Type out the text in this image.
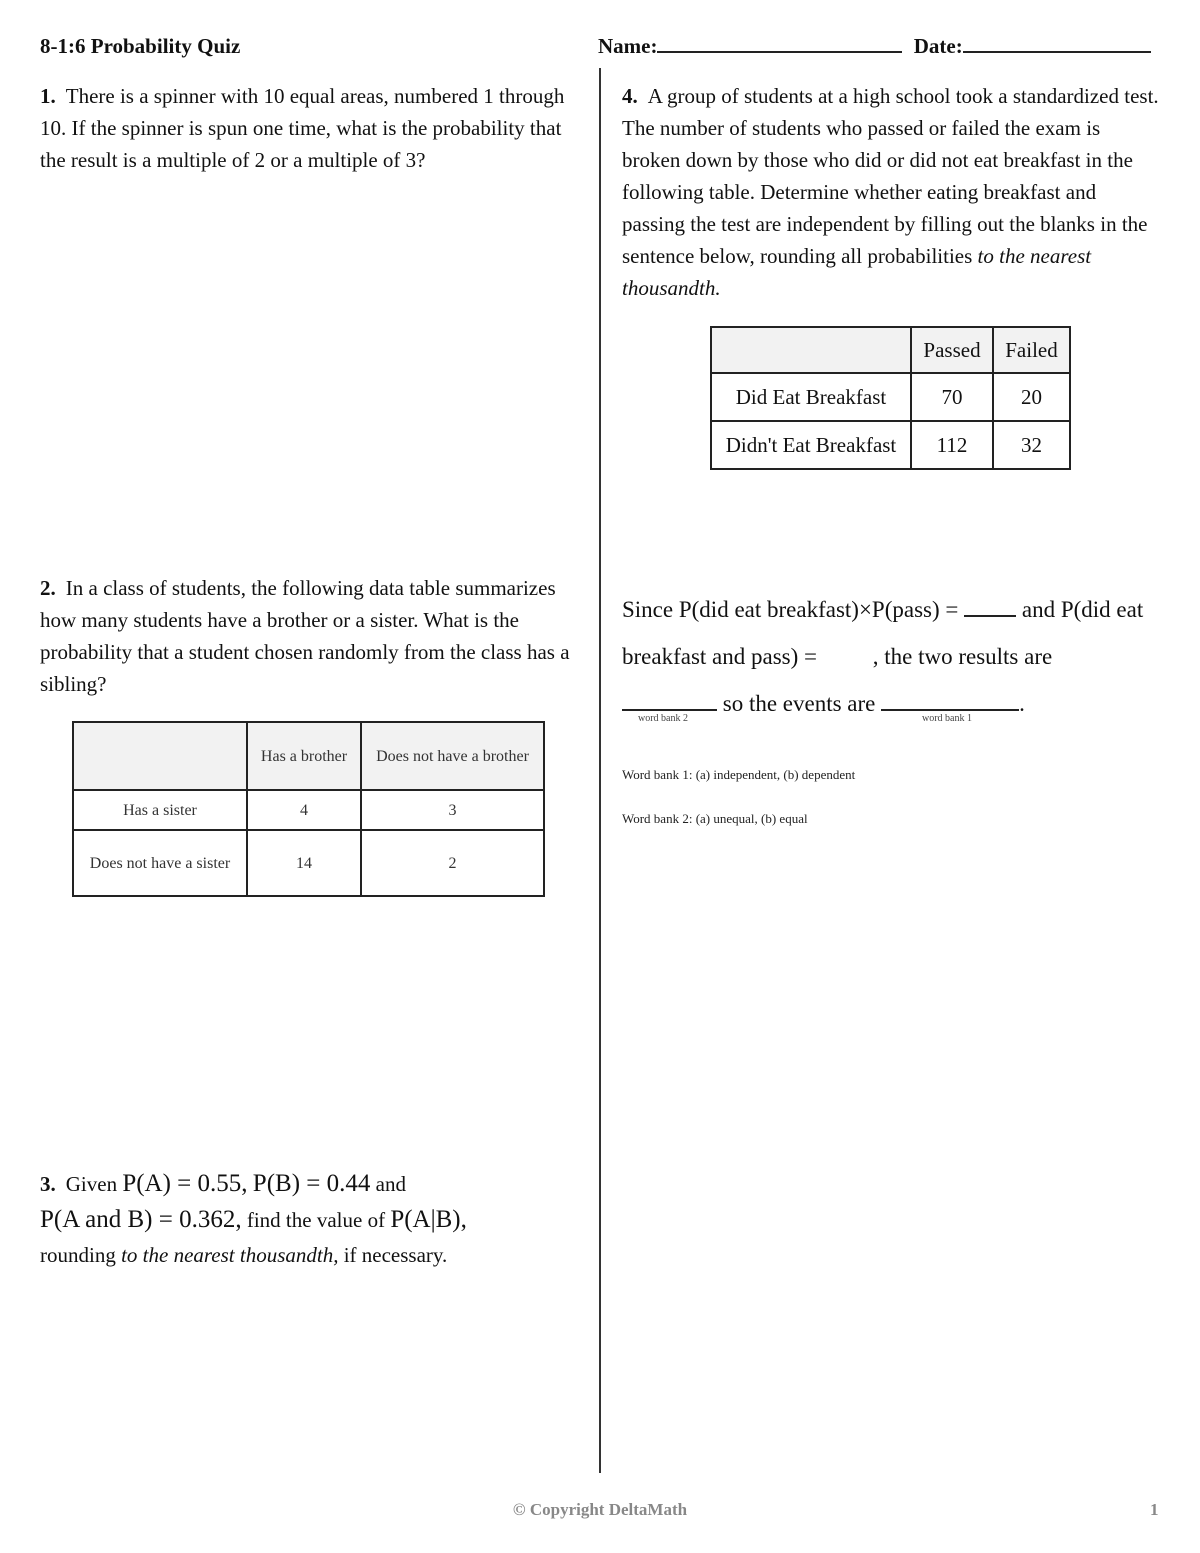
8-1:6 Probability Quiz	Name:	Date:
1. There is a spinner with 10 equal areas, numbered 1 through 10. If the spinner is spun one time, what is the probability that the result is a multiple of 2 or a multiple of 3?
2. In a class of students, the following data table summarizes how many students have a brother or a sister. What is the probability that a student chosen randomly from the class has a sibling?
	Has a brother	Does not have a brother
Has a sister	4	3
Does not have a sister	14	2
3. Given P(A) = 0.55, P(B) = 0.44 and
P(A and B) = 0.362, find the value of P(A|B),
rounding to the nearest thousandth, if necessary.
4. A group of students at a high school took a standardized test. The number of students who passed or failed the exam is broken down by those who did or did not eat breakfast in the following table. Determine whether eating breakfast and passing the test are independent by filling out the blanks in the sentence below, rounding all probabilities to the nearest thousandth.
	Passed	Failed
Did Eat Breakfast	70	20
Didn't Eat Breakfast	112	32
Since P(did eat breakfast)×P(pass) =	and P(did eat
breakfast and pass) = , the two results are
so the events are	.
word bank 2	word bank 1
Word bank 1: (a) independent, (b) dependent
Word bank 2: (a) unequal, (b) equal
© Copyright DeltaMath	1
